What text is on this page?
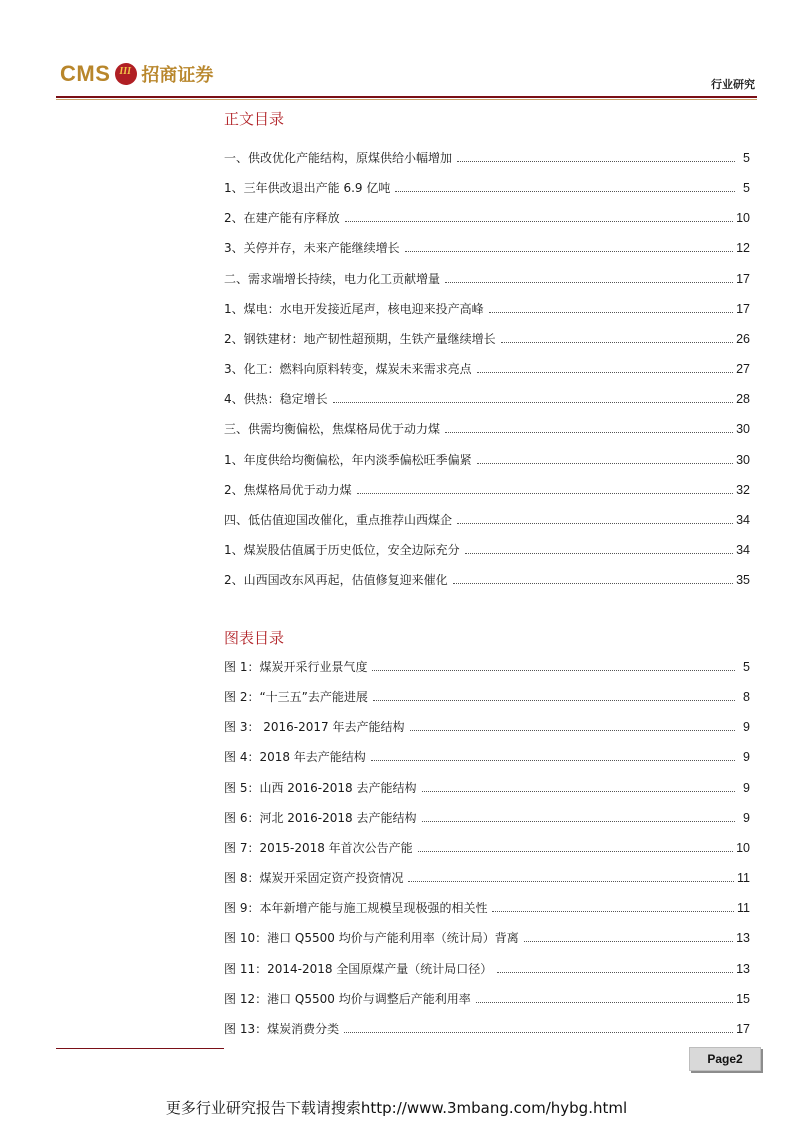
CMS III 招商证券	行业研究
正文目录
一、供改优化产能结构，原煤供给小幅增加	5
1、三年供改退出产能 6.9 亿吨	5
2、在建产能有序释放	10
3、关停并存，未来产能继续增长	12
二、需求端增长持续，电力化工贡献增量	17
1、煤电：水电开发接近尾声，核电迎来投产高峰	17
2、钢铁建材：地产韧性超预期，生铁产量继续增长	26
3、化工：燃料向原料转变，煤炭未来需求亮点	27
4、供热：稳定增长	28
三、供需均衡偏松，焦煤格局优于动力煤	30
1、年度供给均衡偏松，年内淡季偏松旺季偏紧	30
2、焦煤格局优于动力煤	32
四、低估值迎国改催化，重点推荐山西煤企	34
1、煤炭股估值属于历史低位，安全边际充分	34
2、山西国改东风再起，估值修复迎来催化	35
图表目录
图 1：煤炭开采行业景气度	5
图 2：“十三五”去产能进展	8
图 3： 2016-2017 年去产能结构	9
图 4：2018 年去产能结构	9
图 5：山西 2016-2018 去产能结构	9
图 6：河北 2016-2018 去产能结构	9
图 7：2015-2018 年首次公告产能	10
图 8：煤炭开采固定资产投资情况	11
图 9：本年新增产能与施工规模呈现极强的相关性	11
图 10：港口 Q5500 均价与产能利用率（统计局）背离	13
图 11：2014-2018 全国原煤产量（统计局口径）	13
图 12：港口 Q5500 均价与调整后产能利用率	15
图 13：煤炭消费分类	17
Page2
更多行业研究报告下载请搜索http://www.3mbang.com/hybg.html
